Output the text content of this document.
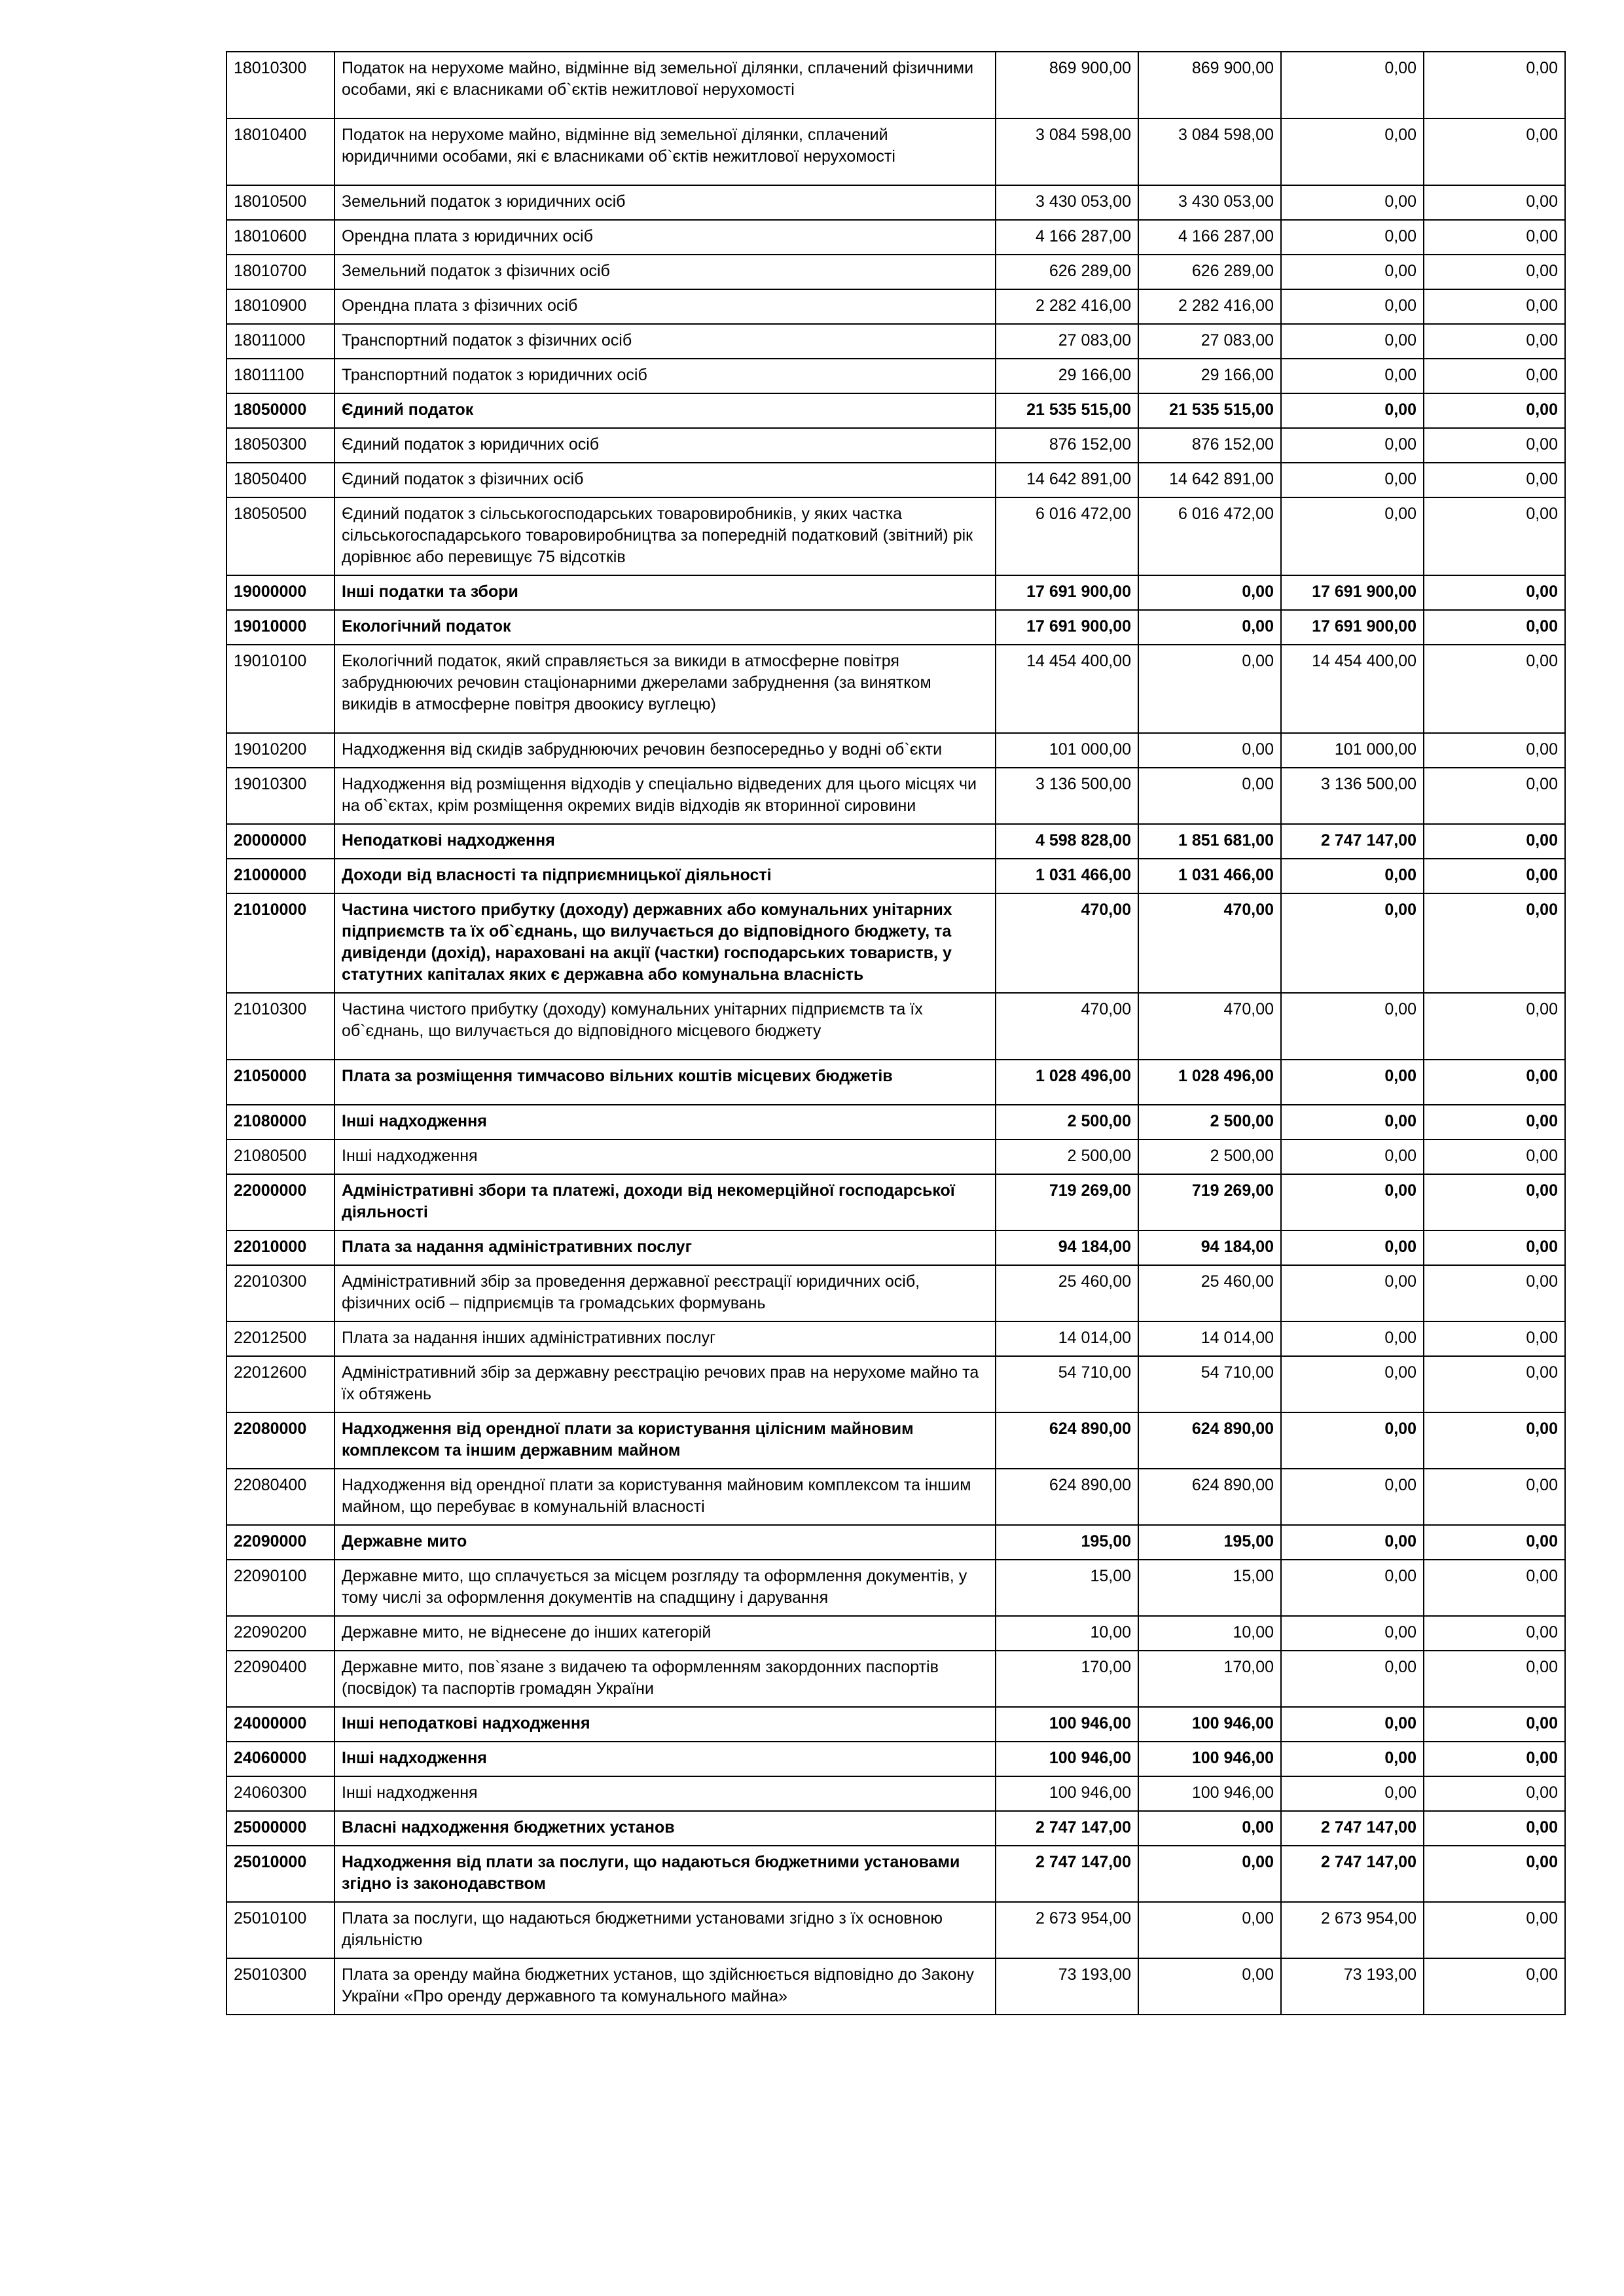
18010300	Податок на нерухоме майно, відмінне від земельної ділянки, сплачений фізичними особами, які є власниками об`єктів нежитлової нерухомості	869 900,00	869 900,00	0,00	0,00
18010400	Податок на нерухоме майно, відмінне від земельної ділянки, сплачений юридичними особами, які є власниками об`єктів нежитлової нерухомості	3 084 598,00	3 084 598,00	0,00	0,00
18010500	Земельний податок з юридичних осіб	3 430 053,00	3 430 053,00	0,00	0,00
18010600	Орендна плата з юридичних осіб	4 166 287,00	4 166 287,00	0,00	0,00
18010700	Земельний податок з фізичних осіб	626 289,00	626 289,00	0,00	0,00
18010900	Орендна плата з фізичних осіб	2 282 416,00	2 282 416,00	0,00	0,00
18011000	Транспортний податок з фізичних осіб	27 083,00	27 083,00	0,00	0,00
18011100	Транспортний податок з юридичних осіб	29 166,00	29 166,00	0,00	0,00
18050000	Єдиний податок	21 535 515,00	21 535 515,00	0,00	0,00
18050300	Єдиний податок з юридичних осіб	876 152,00	876 152,00	0,00	0,00
18050400	Єдиний податок з фізичних осіб	14 642 891,00	14 642 891,00	0,00	0,00
18050500	Єдиний податок з сільськогосподарських товаровиробників, у яких частка сільськогоспадарського товаровиробництва за попередній податковий (звітний) рік дорівнює або перевищує 75 відсотків	6 016 472,00	6 016 472,00	0,00	0,00
19000000	Інші податки та збори	17 691 900,00	0,00	17 691 900,00	0,00
19010000	Екологічний податок	17 691 900,00	0,00	17 691 900,00	0,00
19010100	Екологічний податок, який справляється за викиди в атмосферне повітря забруднюючих речовин стаціонарними джерелами забруднення (за винятком викидів в атмосферне повітря двоокису вуглецю)	14 454 400,00	0,00	14 454 400,00	0,00
19010200	Надходження від скидів забруднюючих речовин безпосередньо у водні об`єкти	101 000,00	0,00	101 000,00	0,00
19010300	Надходження від розміщення відходів у спеціально відведених для цього місцях чи на об`єктах, крім розміщення окремих видів відходів як вторинної сировини	3 136 500,00	0,00	3 136 500,00	0,00
20000000	Неподаткові надходження	4 598 828,00	1 851 681,00	2 747 147,00	0,00
21000000	Доходи від власності та підприємницької діяльності	1 031 466,00	1 031 466,00	0,00	0,00
21010000	Частина чистого прибутку (доходу) державних або комунальних унітарних підприємств та їх об`єднань, що вилучається до відповідного бюджету, та дивіденди (дохід), нараховані на акції (частки) господарських товариств, у статутних капіталах яких є державна або комунальна власність	470,00	470,00	0,00	0,00
21010300	Частина чистого прибутку (доходу) комунальних унітарних підприємств та їх об`єднань, що вилучається до відповідного місцевого бюджету	470,00	470,00	0,00	0,00
21050000	Плата за розміщення тимчасово вільних коштів місцевих бюджетів	1 028 496,00	1 028 496,00	0,00	0,00
21080000	Інші надходження	2 500,00	2 500,00	0,00	0,00
21080500	Інші надходження	2 500,00	2 500,00	0,00	0,00
22000000	Адміністративні збори та платежі, доходи від некомерційної господарської діяльності	719 269,00	719 269,00	0,00	0,00
22010000	Плата за надання адміністративних послуг	94 184,00	94 184,00	0,00	0,00
22010300	Адміністративний збір за проведення державної реєстрації юридичних осіб, фізичних осіб – підприємців та громадських формувань	25 460,00	25 460,00	0,00	0,00
22012500	Плата за надання інших адміністративних послуг	14 014,00	14 014,00	0,00	0,00
22012600	Адміністративний збір за державну реєстрацію речових прав на нерухоме майно та їх обтяжень	54 710,00	54 710,00	0,00	0,00
22080000	Надходження від орендної плати за користування цілісним майновим комплексом та іншим державним майном	624 890,00	624 890,00	0,00	0,00
22080400	Надходження від орендної плати за користування майновим комплексом та іншим майном, що перебуває в комунальній власності	624 890,00	624 890,00	0,00	0,00
22090000	Державне мито	195,00	195,00	0,00	0,00
22090100	Державне мито, що сплачується за місцем розгляду та оформлення документів, у тому числі за оформлення документів на спадщину і дарування	15,00	15,00	0,00	0,00
22090200	Державне мито, не віднесене до інших категорій	10,00	10,00	0,00	0,00
22090400	Державне мито, пов`язане з видачею та оформленням закордонних паспортів (посвідок) та паспортів громадян України	170,00	170,00	0,00	0,00
24000000	Інші неподаткові надходження	100 946,00	100 946,00	0,00	0,00
24060000	Інші надходження	100 946,00	100 946,00	0,00	0,00
24060300	Інші надходження	100 946,00	100 946,00	0,00	0,00
25000000	Власні надходження бюджетних установ	2 747 147,00	0,00	2 747 147,00	0,00
25010000	Надходження від плати за послуги, що надаються бюджетними установами згідно із законодавством	2 747 147,00	0,00	2 747 147,00	0,00
25010100	Плата за послуги, що надаються бюджетними установами згідно з їх основною діяльністю	2 673 954,00	0,00	2 673 954,00	0,00
25010300	Плата за оренду майна бюджетних установ, що здійснюється відповідно до Закону України «Про оренду державного та комунального майна»	73 193,00	0,00	73 193,00	0,00
